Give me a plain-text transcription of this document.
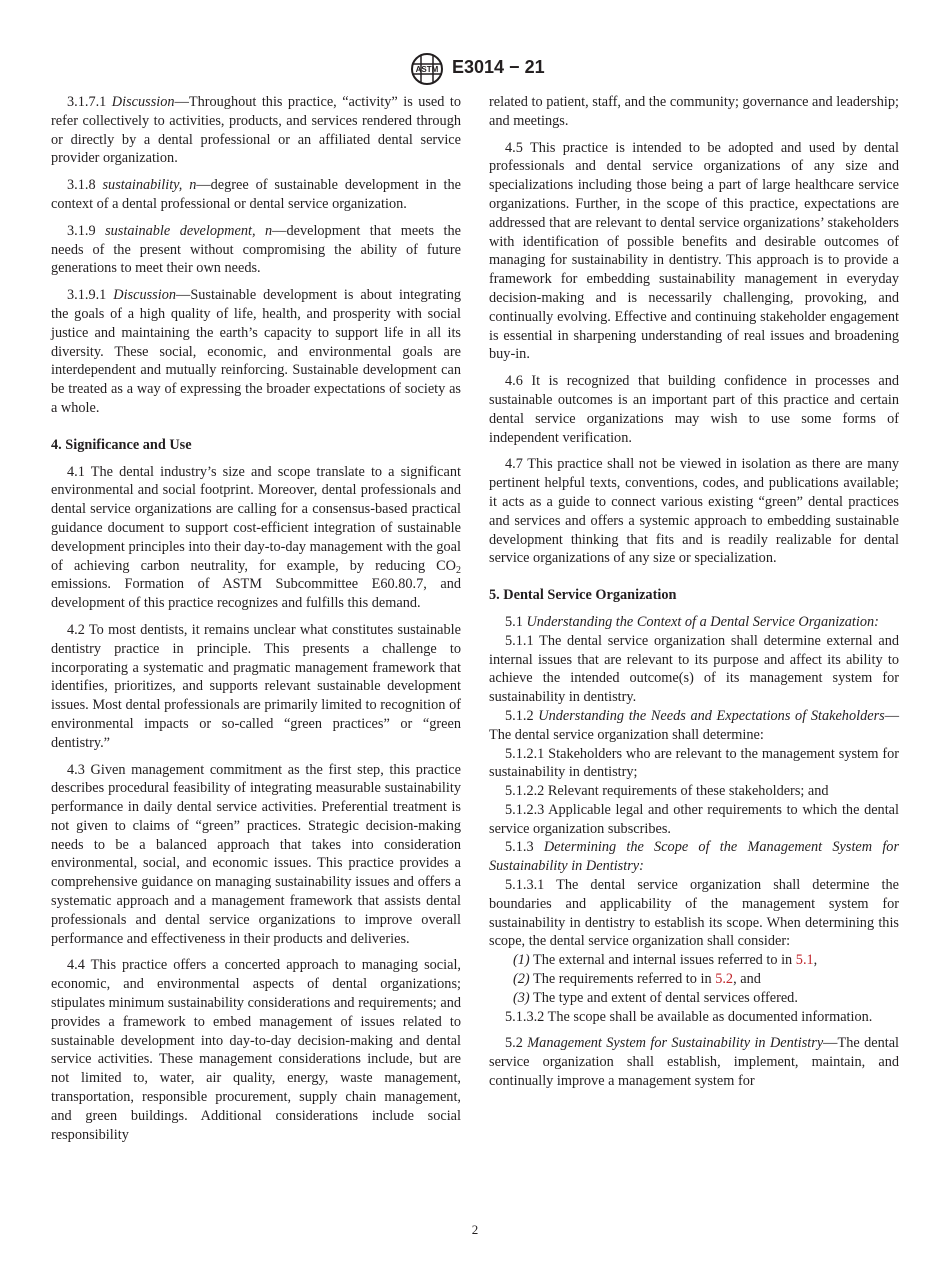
ASTM E3014 − 21

3.1.7.1 Discussion—Throughout this practice, “activity” is used to refer collectively to activities, products, and services rendered through or directly by a dental professional or an affiliated dental service provider organization.

3.1.8 sustainability, n—degree of sustainable development in the context of a dental professional or dental service organization.

3.1.9 sustainable development, n—development that meets the needs of the present without compromising the ability of future generations to meet their own needs.

3.1.9.1 Discussion—Sustainable development is about integrating the goals of a high quality of life, health, and prosperity with social justice and maintaining the earth’s capacity to support life in all its diversity. These social, economic, and environmental goals are interdependent and mutually reinforcing. Sustainable development can be treated as a way of expressing the broader expectations of society as a whole.

4. Significance and Use

4.1 The dental industry’s size and scope translate to a significant environmental and social footprint. Moreover, dental professionals and dental service organizations are calling for a consensus-based practical guidance document to support cost-efficient integration of sustainable development principles into their day-to-day management with the goal of achieving carbon neutrality, for example, by reducing $CO_2$ emissions. Formation of ASTM Subcommittee E60.80.7, and development of this practice recognizes and fulfills this demand.

4.2 To most dentists, it remains unclear what constitutes sustainable dentistry practice in principle. This presents a challenge to incorporating a systematic and pragmatic management framework that identifies, prioritizes, and supports relevant sustainable development issues. Most dental professionals are primarily limited to recognition of environmental impacts or so-called “green practices” or “green dentistry.”

4.3 Given management commitment as the first step, this practice describes procedural feasibility of integrating measurable sustainability performance in daily dental service activities. Preferential treatment is not given to claims of “green” practices. Strategic decision-making needs to be a balanced approach that takes into consideration environmental, social, and economic issues. This practice provides a comprehensive guidance on managing sustainability issues and offers a systematic approach and a management framework that assists dental professionals and dental service organizations to improve overall performance and effectiveness in their products and deliveries.

4.4 This practice offers a concerted approach to managing social, economic, and environmental aspects of dental organizations; stipulates minimum sustainability considerations and requirements; and provides a framework to embed management of issues related to sustainable development into day-to-day decision-making and dental service activities. These management considerations include, but are not limited to, water, air quality, energy, waste management, transportation, responsible procurement, supply chain management, and green buildings. Additional considerations include social responsibility

related to patient, staff, and the community; governance and leadership; and meetings.

4.5 This practice is intended to be adopted and used by dental professionals and dental service organizations of any size and specializations including those being a part of large healthcare service organizations. Further, in the scope of this practice, expectations are addressed that are relevant to dental service organizations’ stakeholders with identification of possible benefits and desirable outcomes of managing for sustainability in dentistry. This approach is to provide a framework for embedding sustainability management in everyday decision-making and is necessarily challenging, provoking, and continually evolving. Effective and continuing stakeholder engagement is essential in sharpening understanding of real issues and broadening buy-in.

4.6 It is recognized that building confidence in processes and sustainable outcomes is an important part of this practice and certain dental service organizations may wish to use some forms of independent verification.

4.7 This practice shall not be viewed in isolation as there are many pertinent helpful texts, conventions, codes, and publications available; it acts as a guide to connect various existing “green” dental practices and services and offers a systemic approach to embedding sustainable development thinking that fits and is readily realizable for dental service organizations of any size or specialization.

5. Dental Service Organization

5.1 Understanding the Context of a Dental Service Organization:

5.1.1 The dental service organization shall determine external and internal issues that are relevant to its purpose and affect its ability to achieve the intended outcome(s) of its management system for sustainability in dentistry.

5.1.2 Understanding the Needs and Expectations of Stakeholders—The dental service organization shall determine:

5.1.2.1 Stakeholders who are relevant to the management system for sustainability in dentistry;

5.1.2.2 Relevant requirements of these stakeholders; and

5.1.2.3 Applicable legal and other requirements to which the dental service organization subscribes.

5.1.3 Determining the Scope of the Management System for Sustainability in Dentistry:

5.1.3.1 The dental service organization shall determine the boundaries and applicability of the management system for sustainability in dentistry to establish its scope. When determining this scope, the dental service organization shall consider:

(1) The external and internal issues referred to in 5.1,

(2) The requirements referred to in 5.2, and

(3) The type and extent of dental services offered.

5.1.3.2 The scope shall be available as documented information.

5.2 Management System for Sustainability in Dentistry—The dental service organization shall establish, implement, maintain, and continually improve a management system for

2
